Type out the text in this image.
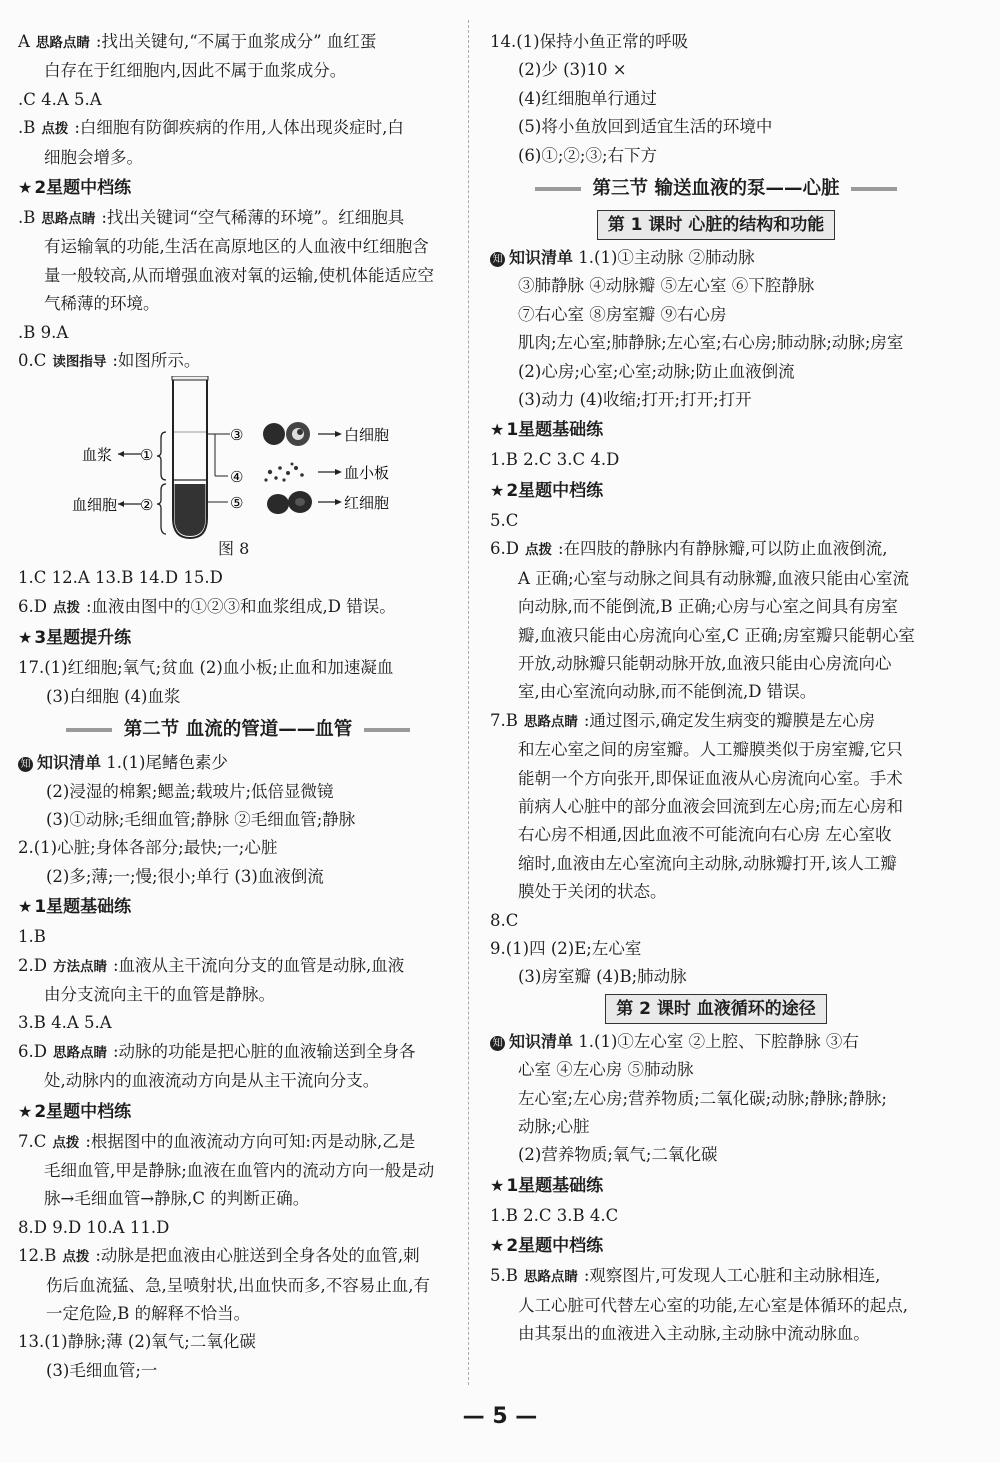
A 思路点睛 :找出关键句,“不属于血浆成分” 血红蛋
白存在于红细胞内,因此不属于血浆成分。
.C 4.A 5.A
.B 点拨 :白细胞有防御疾病的作用,人体出现炎症时,白
细胞会增多。
★ 2星题中档练
.B 思路点睛 :找出关键词“空气稀薄的环境”。红细胞具
有运输氧的功能,生活在高原地区的人血液中红细胞含
量一般较高,从而增强血液对氧的运输,使机体能适应空
气稀薄的环境。
.B 9.A
0.C 读图指导 :如图所示。
血浆 ①
血细胞 ②
③
④
⑤
白细胞
血小板
红细胞
图 8
1.C 12.A 13.B 14.D 15.D
6.D 点拨 :血液由图中的①②③和血浆组成,D 错误。
★ 3星题提升练
17.(1)红细胞;氧气;贫血 (2)血小板;止血和加速凝血
(3)白细胞 (4)血浆
第二节 血流的管道——血管
知 知识清单 1.(1)尾鳍色素少
(2)浸湿的棉絮;鳃盖;载玻片;低倍显微镜
(3)①动脉;毛细血管;静脉 ②毛细血管;静脉
2.(1)心脏;身体各部分;最快;一;心脏
(2)多;薄;一;慢;很小;单行 (3)血液倒流
★ 1星题基础练
1.B
2.D 方法点睛 :血液从主干流向分支的血管是动脉,血液
由分支流向主干的血管是静脉。
3.B 4.A 5.A
6.D 思路点睛 :动脉的功能是把心脏的血液输送到全身各
处,动脉内的血液流动方向是从主干流向分支。
★ 2星题中档练
7.C 点拨 :根据图中的血液流动方向可知:丙是动脉,乙是
毛细血管,甲是静脉;血液在血管内的流动方向一般是动
脉→毛细血管→静脉,C 的判断正确。
8.D 9.D 10.A 11.D
12.B 点拨 :动脉是把血液由心脏送到全身各处的血管,刺
伤后血流猛、急,呈喷射状,出血快而多,不容易止血,有
一定危险,B 的解释不恰当。
13.(1)静脉;薄 (2)氧气;二氧化碳
(3)毛细血管;一
14.(1)保持小鱼正常的呼吸
(2)少 (3)10 ×
(4)红细胞单行通过
(5)将小鱼放回到适宜生活的环境中
(6)①;②;③;右下方
第三节 输送血液的泵——心脏
第 1 课时 心脏的结构和功能
知 知识清单 1.(1)①主动脉 ②肺动脉
③肺静脉 ④动脉瓣 ⑤左心室 ⑥下腔静脉
⑦右心室 ⑧房室瓣 ⑨右心房
肌肉;左心室;肺静脉;左心室;右心房;肺动脉;动脉;房室
(2)心房;心室;心室;动脉;防止血液倒流
(3)动力 (4)收缩;打开;打开;打开
★ 1星题基础练
1.B 2.C 3.C 4.D
★ 2星题中档练
5.C
6.D 点拨 :在四肢的静脉内有静脉瓣,可以防止血液倒流,
A 正确;心室与动脉之间具有动脉瓣,血液只能由心室流
向动脉,而不能倒流,B 正确;心房与心室之间具有房室
瓣,血液只能由心房流向心室,C 正确;房室瓣只能朝心室
开放,动脉瓣只能朝动脉开放,血液只能由心房流向心
室,由心室流向动脉,而不能倒流,D 错误。
7.B 思路点睛 :通过图示,确定发生病变的瓣膜是左心房
和左心室之间的房室瓣。人工瓣膜类似于房室瓣,它只
能朝一个方向张开,即保证血液从心房流向心室。手术
前病人心脏中的部分血液会回流到左心房;而左心房和
右心房不相通,因此血液不可能流向右心房 左心室收
缩时,血液由左心室流向主动脉,动脉瓣打开,该人工瓣
膜处于关闭的状态。
8.C
9.(1)四 (2)E;左心室
(3)房室瓣 (4)B;肺动脉
第 2 课时 血液循环的途径
知 知识清单 1.(1)①左心室 ②上腔、下腔静脉 ③右
心室 ④左心房 ⑤肺动脉
左心室;左心房;营养物质;二氧化碳;动脉;静脉;静脉;
动脉;心脏
(2)营养物质;氧气;二氧化碳
★ 1星题基础练
1.B 2.C 3.B 4.C
★ 2星题中档练
5.B 思路点睛 :观察图片,可发现人工心脏和主动脉相连,
人工心脏可代替左心室的功能,左心室是体循环的起点,
由其泵出的血液进入主动脉,主动脉中流动脉血。
— 5 —
